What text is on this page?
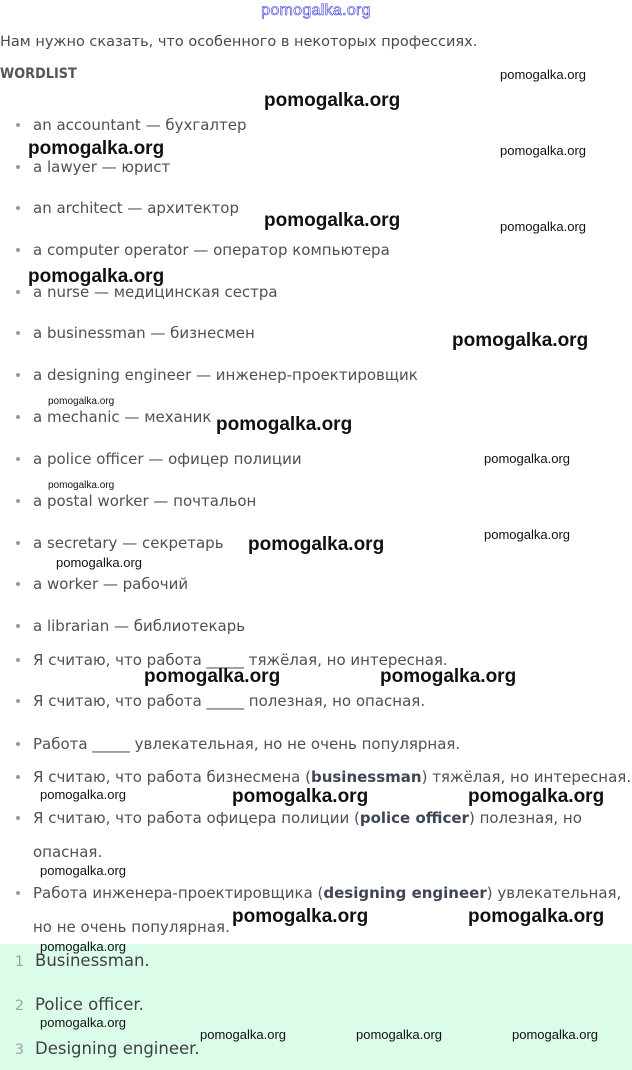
pomogalka.org
Нам нужно сказать, что особенного в некоторых профессиях.
WORDLIST
an accountant — бухгалтер
a lawyer — юрист
an architect — архитектор
a computer operator — оператор компьютера
a nurse — медицинская сестра
a businessman — бизнесмен
a designing engineer — инженер-проектировщик
a mechanic — механик
a police officer — офицер полиции
a postal worker — почтальон
a secretary — секретарь
a worker — рабочий
a librarian — библиотекарь
Я считаю, что работа _____ тяжёлая, но интересная.
Я считаю, что работа _____ полезная, но опасная.
Работа _____ увлекательная, но не очень популярная.
Я считаю, что работа бизнесмена (businessman) тяжёлая, но интересная.
Я считаю, что работа офицера полиции (police officer) полезная, но опасная.
Работа инженера-проектировщика (designing engineer) увлекательная, но не очень популярная.
1 Businessman.
2 Police officer.
3 Designing engineer.
pomogalka.org
pomogalka.org
pomogalka.org	pomogalka.org
pomogalka.org	pomogalka.org
pomogalka.org
pomogalka.org
pomogalka.org
pomogalka.org
pomogalka.org
pomogalka.org
pomogalka.org
pomogalka.org
pomogalka.org
pomogalka.org	pomogalka.org
pomogalka.org	pomogalka.org	pomogalka.org
pomogalka.org
pomogalka.org	pomogalka.org
pomogalka.org
pomogalka.org
pomogalka.org	pomogalka.org	pomogalka.org
